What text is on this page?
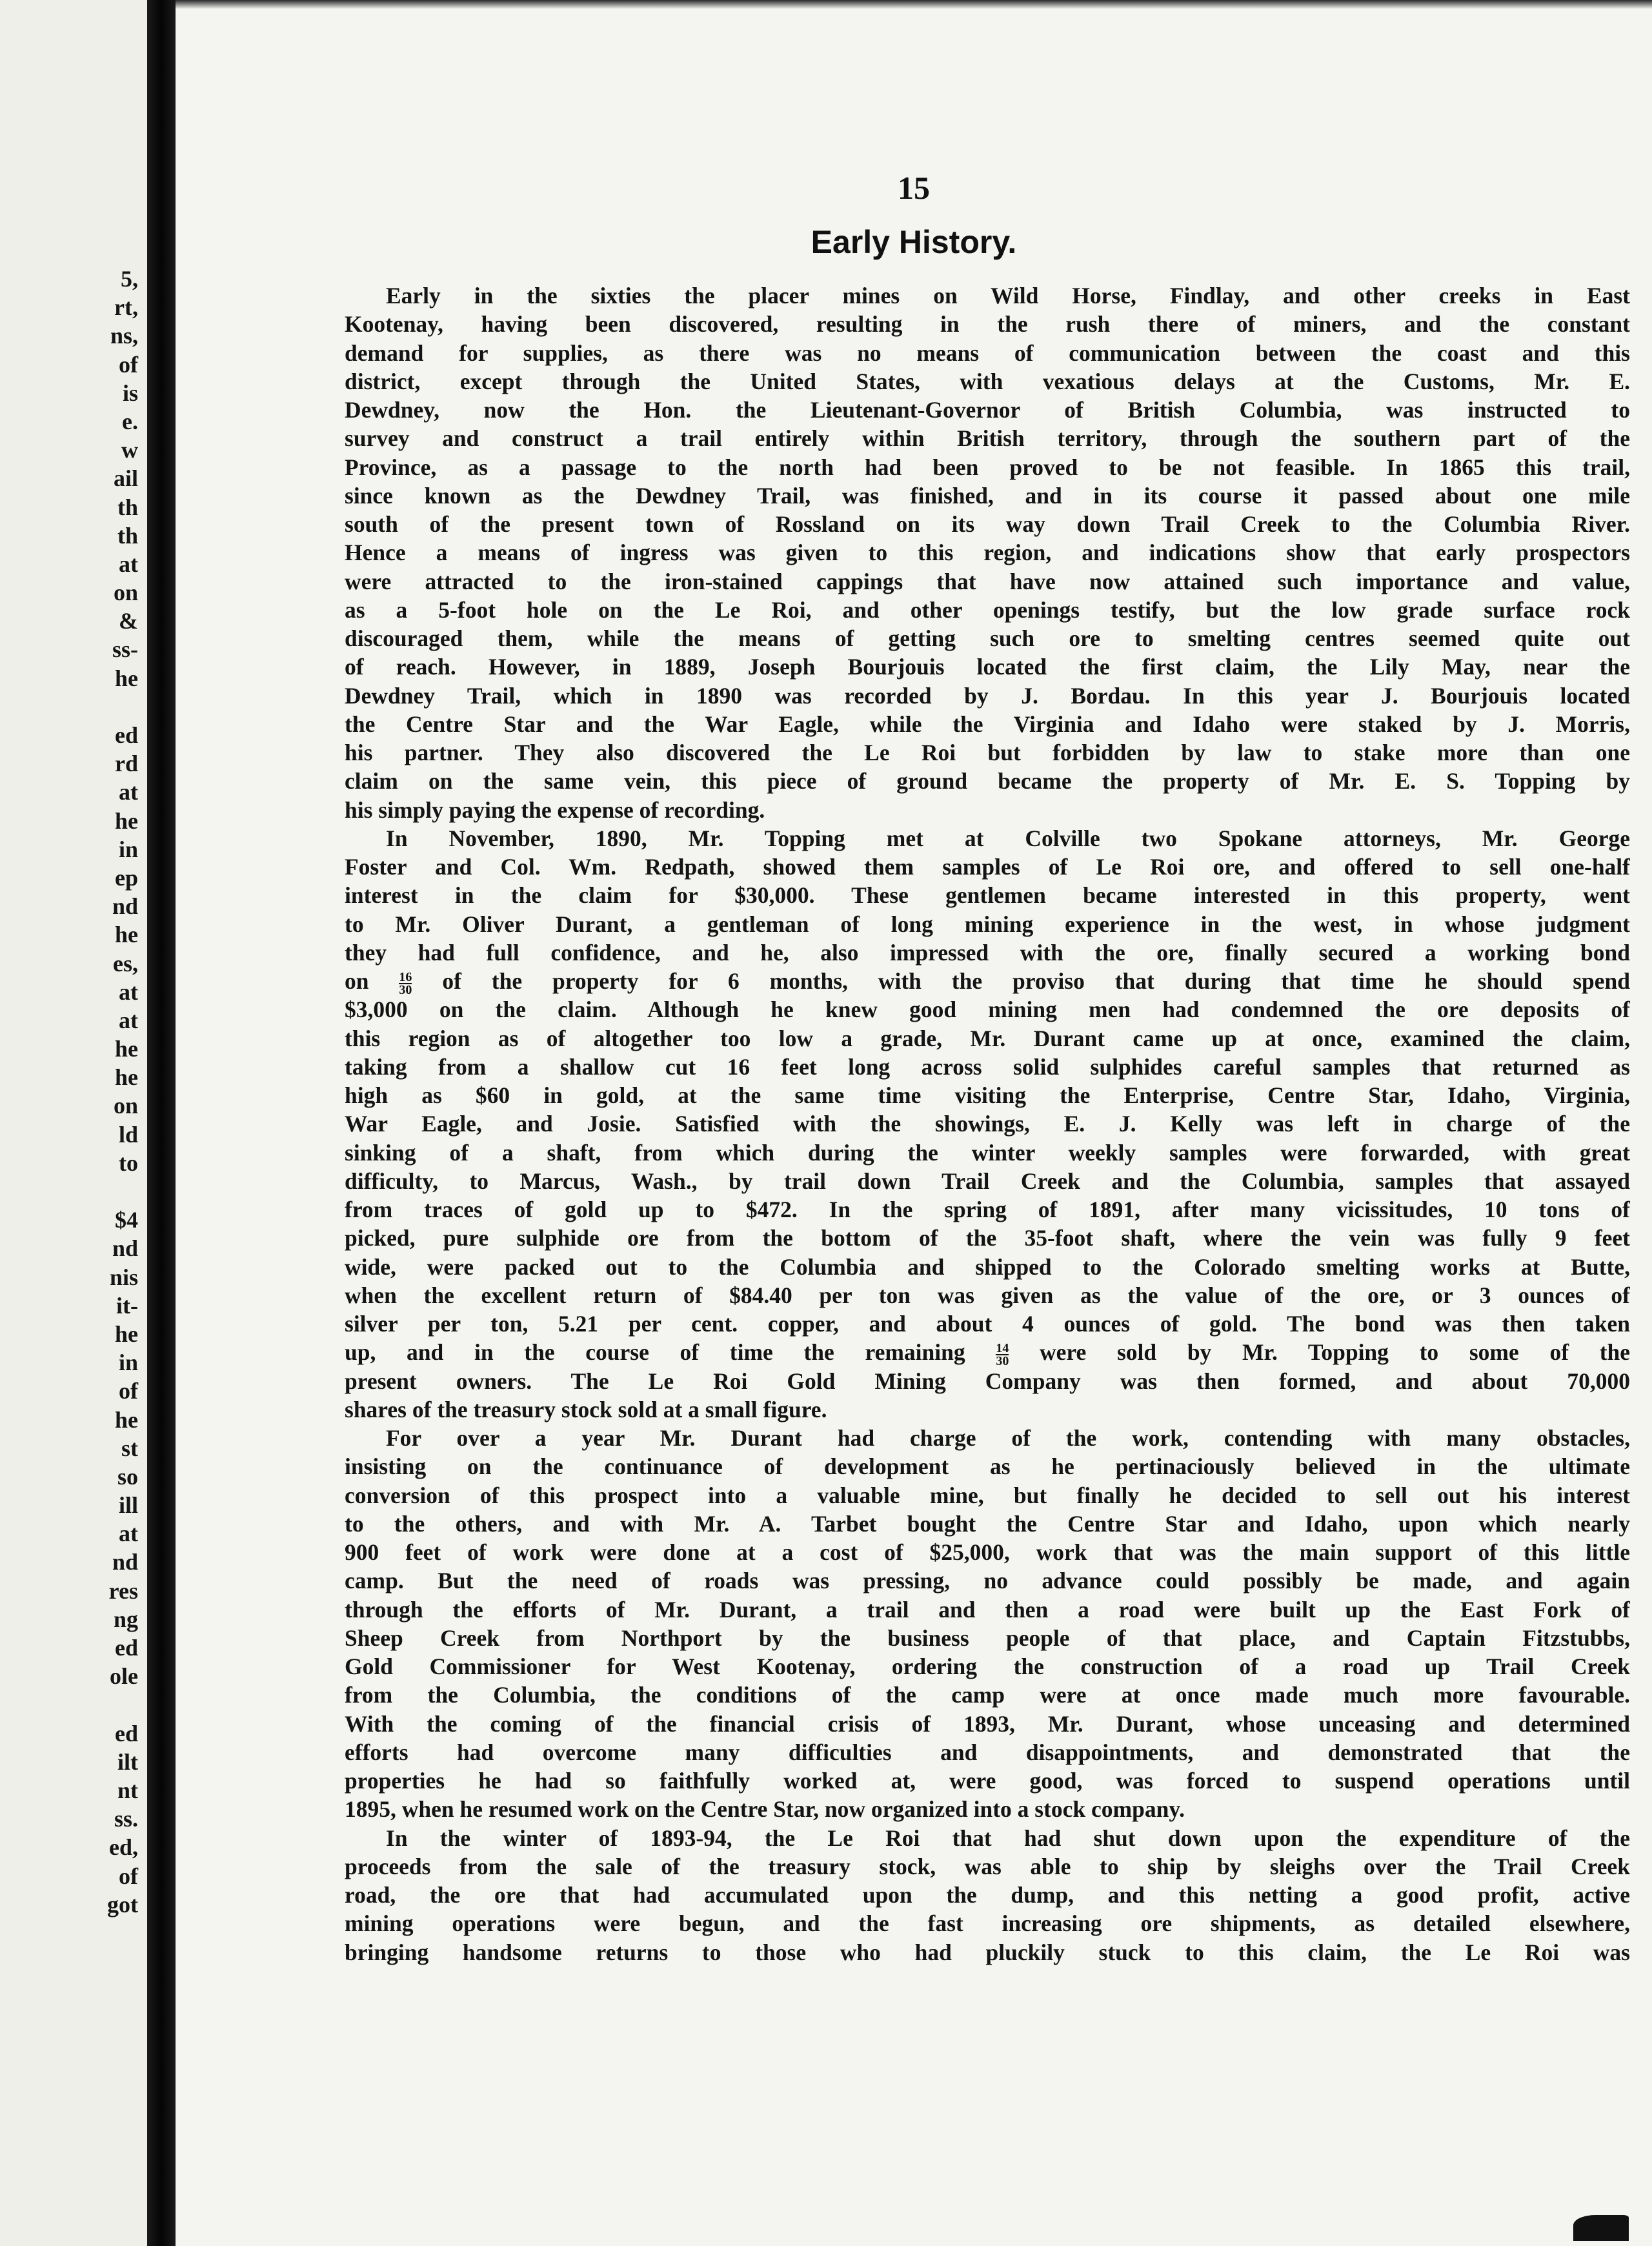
5,
rt,
ns,
of
is
e.
w
ail
th
th
at
on
&
ss-
he
ed
rd
at
he
in
ep
nd
he
es,
at
at
he
he
on
ld
to
$4
nd
nis
it-
he
in
of
he
st
so
ill
at
nd
res
ng
ed
ole
ed
ilt
nt
ss.
ed,
of
got
15
Early History.
Early in the sixties the placer mines on Wild Horse, Findlay, and other creeks in East
Kootenay, having been discovered, resulting in the rush there of miners, and the constant
demand for supplies, as there was no means of communication between the coast and this
district, except through the United States, with vexatious delays at the Customs, Mr. E.
Dewdney, now the Hon. the Lieutenant-Governor of British Columbia, was instructed to
survey and construct a trail entirely within British territory, through the southern part of the
Province, as a passage to the north had been proved to be not feasible. In 1865 this trail,
since known as the Dewdney Trail, was finished, and in its course it passed about one mile
south of the present town of Rossland on its way down Trail Creek to the Columbia River.
Hence a means of ingress was given to this region, and indications show that early prospectors
were attracted to the iron-stained cappings that have now attained such importance and value,
as a 5-foot hole on the Le Roi, and other openings testify, but the low grade surface rock
discouraged them, while the means of getting such ore to smelting centres seemed quite out
of reach. However, in 1889, Joseph Bourjouis located the first claim, the Lily May, near the
Dewdney Trail, which in 1890 was recorded by J. Bordau. In this year J. Bourjouis located
the Centre Star and the War Eagle, while the Virginia and Idaho were staked by J. Morris,
his partner. They also discovered the Le Roi but forbidden by law to stake more than one
claim on the same vein, this piece of ground became the property of Mr. E. S. Topping by
his simply paying the expense of recording.
In November, 1890, Mr. Topping met at Colville two Spokane attorneys, Mr. George
Foster and Col. Wm. Redpath, showed them samples of Le Roi ore, and offered to sell one-half
interest in the claim for $30,000. These gentlemen became interested in this property, went
to Mr. Oliver Durant, a gentleman of long mining experience in the west, in whose judgment
they had full confidence, and he, also impressed with the ore, finally secured a working bond
on $\frac{16}{30}$ of the property for 6 months, with the proviso that during that time he should spend
$3,000 on the claim. Although he knew good mining men had condemned the ore deposits of
this region as of altogether too low a grade, Mr. Durant came up at once, examined the claim,
taking from a shallow cut 16 feet long across solid sulphides careful samples that returned as
high as $60 in gold, at the same time visiting the Enterprise, Centre Star, Idaho, Virginia,
War Eagle, and Josie. Satisfied with the showings, E. J. Kelly was left in charge of the
sinking of a shaft, from which during the winter weekly samples were forwarded, with great
difficulty, to Marcus, Wash., by trail down Trail Creek and the Columbia, samples that assayed
from traces of gold up to $472. In the spring of 1891, after many vicissitudes, 10 tons of
picked, pure sulphide ore from the bottom of the 35-foot shaft, where the vein was fully 9 feet
wide, were packed out to the Columbia and shipped to the Colorado smelting works at Butte,
when the excellent return of $84.40 per ton was given as the value of the ore, or 3 ounces of
silver per ton, 5.21 per cent. copper, and about 4 ounces of gold. The bond was then taken
up, and in the course of time the remaining $\frac{14}{30}$ were sold by Mr. Topping to some of the
present owners. The Le Roi Gold Mining Company was then formed, and about 70,000
shares of the treasury stock sold at a small figure.
For over a year Mr. Durant had charge of the work, contending with many obstacles,
insisting on the continuance of development as he pertinaciously believed in the ultimate
conversion of this prospect into a valuable mine, but finally he decided to sell out his interest
to the others, and with Mr. A. Tarbet bought the Centre Star and Idaho, upon which nearly
900 feet of work were done at a cost of $25,000, work that was the main support of this little
camp. But the need of roads was pressing, no advance could possibly be made, and again
through the efforts of Mr. Durant, a trail and then a road were built up the East Fork of
Sheep Creek from Northport by the business people of that place, and Captain Fitzstubbs,
Gold Commissioner for West Kootenay, ordering the construction of a road up Trail Creek
from the Columbia, the conditions of the camp were at once made much more favourable.
With the coming of the financial crisis of 1893, Mr. Durant, whose unceasing and determined
efforts had overcome many difficulties and disappointments, and demonstrated that the
properties he had so faithfully worked at, were good, was forced to suspend operations until
1895, when he resumed work on the Centre Star, now organized into a stock company.
In the winter of 1893-94, the Le Roi that had shut down upon the expenditure of the
proceeds from the sale of the treasury stock, was able to ship by sleighs over the Trail Creek
road, the ore that had accumulated upon the dump, and this netting a good profit, active
mining operations were begun, and the fast increasing ore shipments, as detailed elsewhere,
bringing handsome returns to those who had pluckily stuck to this claim, the Le Roi was
